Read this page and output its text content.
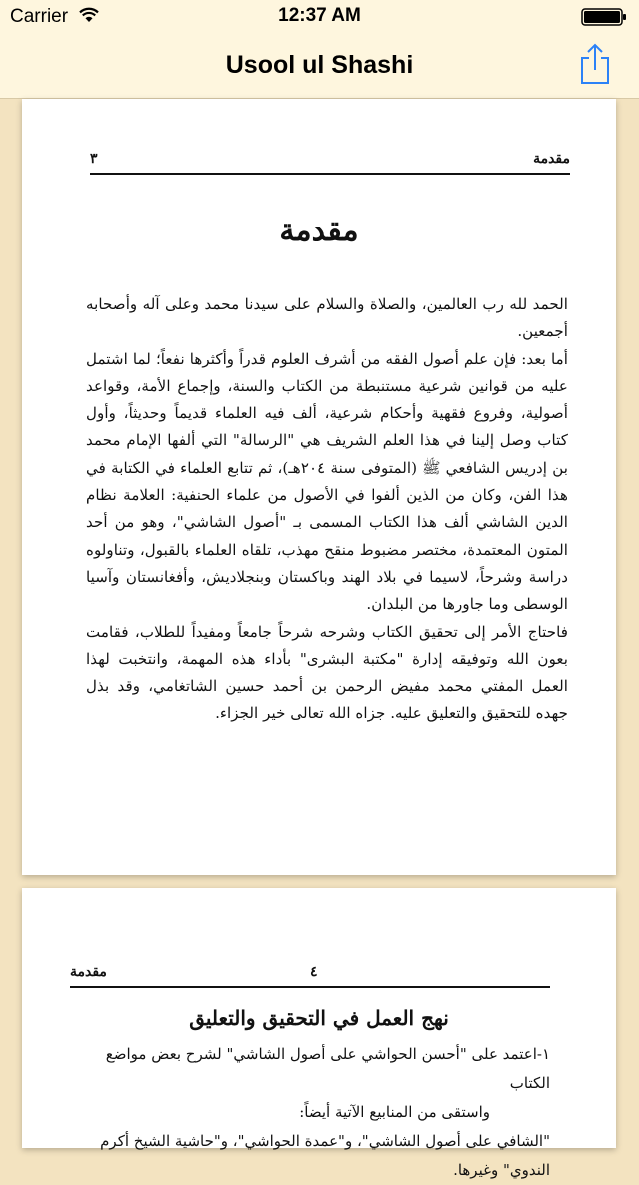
Carrier	12:37 AM
Usool ul Shashi
مقدمة
٣
مقدمة

الحمد لله رب العالمين، والصلاة والسلام على سيدنا محمد وعلى آله وأصحابه أجمعين.

أما بعد: فإن علم أصول الفقه من أشرف العلوم قدراً وأكثرها نفعاً؛ لما اشتمل عليه من قوانين شرعية مستنبطة من الكتاب والسنة، وإجماع الأمة، وقواعد أصولية، وفروع فقهية وأحكام شرعية، ألف فيه العلماء قديماً وحديثاً، وأول كتاب وصل إلينا في هذا العلم الشريف هي "الرسالة" التي ألفها الإمام محمد بن إدريس الشافعي ﷺ (المتوفى سنة ٢٠٤هـ)، ثم تتابع العلماء في الكتابة في هذا الفن، وكان من الذين ألفوا في الأصول من علماء الحنفية: العلامة نظام الدين الشاشي ألف هذا الكتاب المسمى بـ "أصول الشاشي"، وهو من أحد المتون المعتمدة، مختصر مضبوط منقح مهذب، تلقاه العلماء بالقبول، وتناولوه دراسة وشرحاً، لاسيما في بلاد الهند وباكستان وبنجلاديش، وأفغانستان وآسيا الوسطى وما جاورها من البلدان.

فاحتاج الأمر إلى تحقيق الكتاب وشرحه شرحاً جامعاً ومفيداً للطلاب، فقامت بعون الله وتوفيقه إدارة "مكتبة البشرى" بأداء هذه المهمة، وانتخبت لهذا العمل المفتي محمد مفيض الرحمن بن أحمد حسين الشاتغامي، وقد بذل جهده للتحقيق والتعليق عليه. جزاه الله تعالى خير الجزاء.

مقدمة	٤
نهج العمل في التحقيق والتعليق

١-اعتمد على "أحسن الحواشي على أصول الشاشي" لشرح بعض مواضع الكتاب

واستقى من المنابيع الآتية أيضاً:

"الشافي على أصول الشاشي"، و"عمدة الحواشي"، و"حاشية الشيخ أكرم الندوي" وغيرها.
